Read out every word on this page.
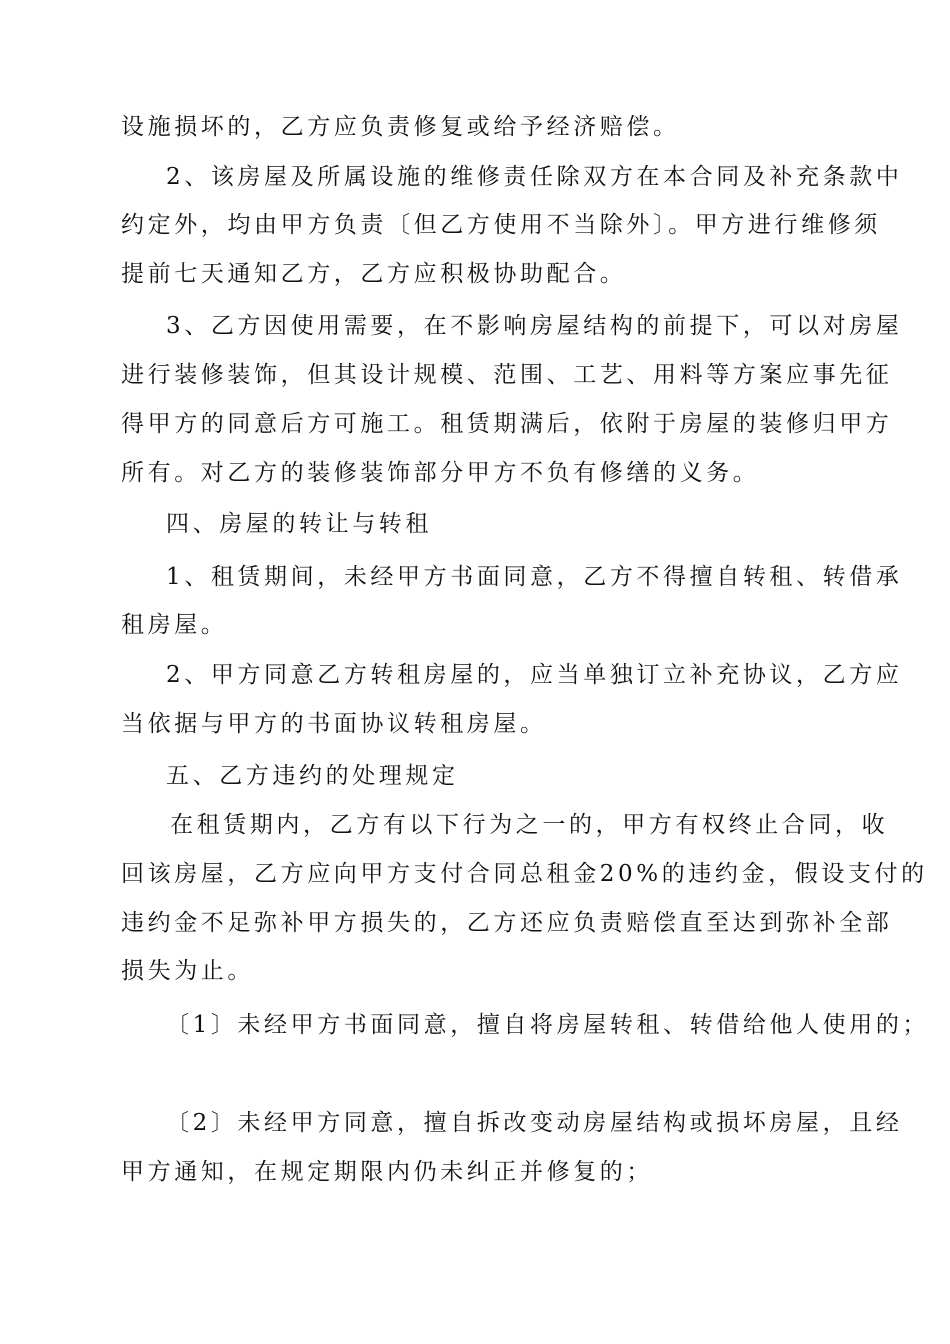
设施损坏的，乙方应负责修复或给予经济赔偿。
2、该房屋及所属设施的维修责任除双方在本合同及补充条款中
约定外，均由甲方负责〔但乙方使用不当除外〕。甲方进行维修须
提前七天通知乙方，乙方应积极协助配合。
3、乙方因使用需要，在不影响房屋结构的前提下，可以对房屋
进行装修装饰，但其设计规模、范围、工艺、用料等方案应事先征
得甲方的同意后方可施工。租赁期满后，依附于房屋的装修归甲方
所有。对乙方的装修装饰部分甲方不负有修缮的义务。
四、房屋的转让与转租
1、租赁期间，未经甲方书面同意，乙方不得擅自转租、转借承
租房屋。
2、甲方同意乙方转租房屋的，应当单独订立补充协议，乙方应
当依据与甲方的书面协议转租房屋。
五、乙方违约的处理规定
在租赁期内，乙方有以下行为之一的，甲方有权终止合同，收
回该房屋，乙方应向甲方支付合同总租金20%的违约金，假设支付的
违约金不足弥补甲方损失的，乙方还应负责赔偿直至达到弥补全部
损失为止。
〔1〕未经甲方书面同意，擅自将房屋转租、转借给他人使用的；
〔2〕未经甲方同意，擅自拆改变动房屋结构或损坏房屋，且经
甲方通知，在规定期限内仍未纠正并修复的；
